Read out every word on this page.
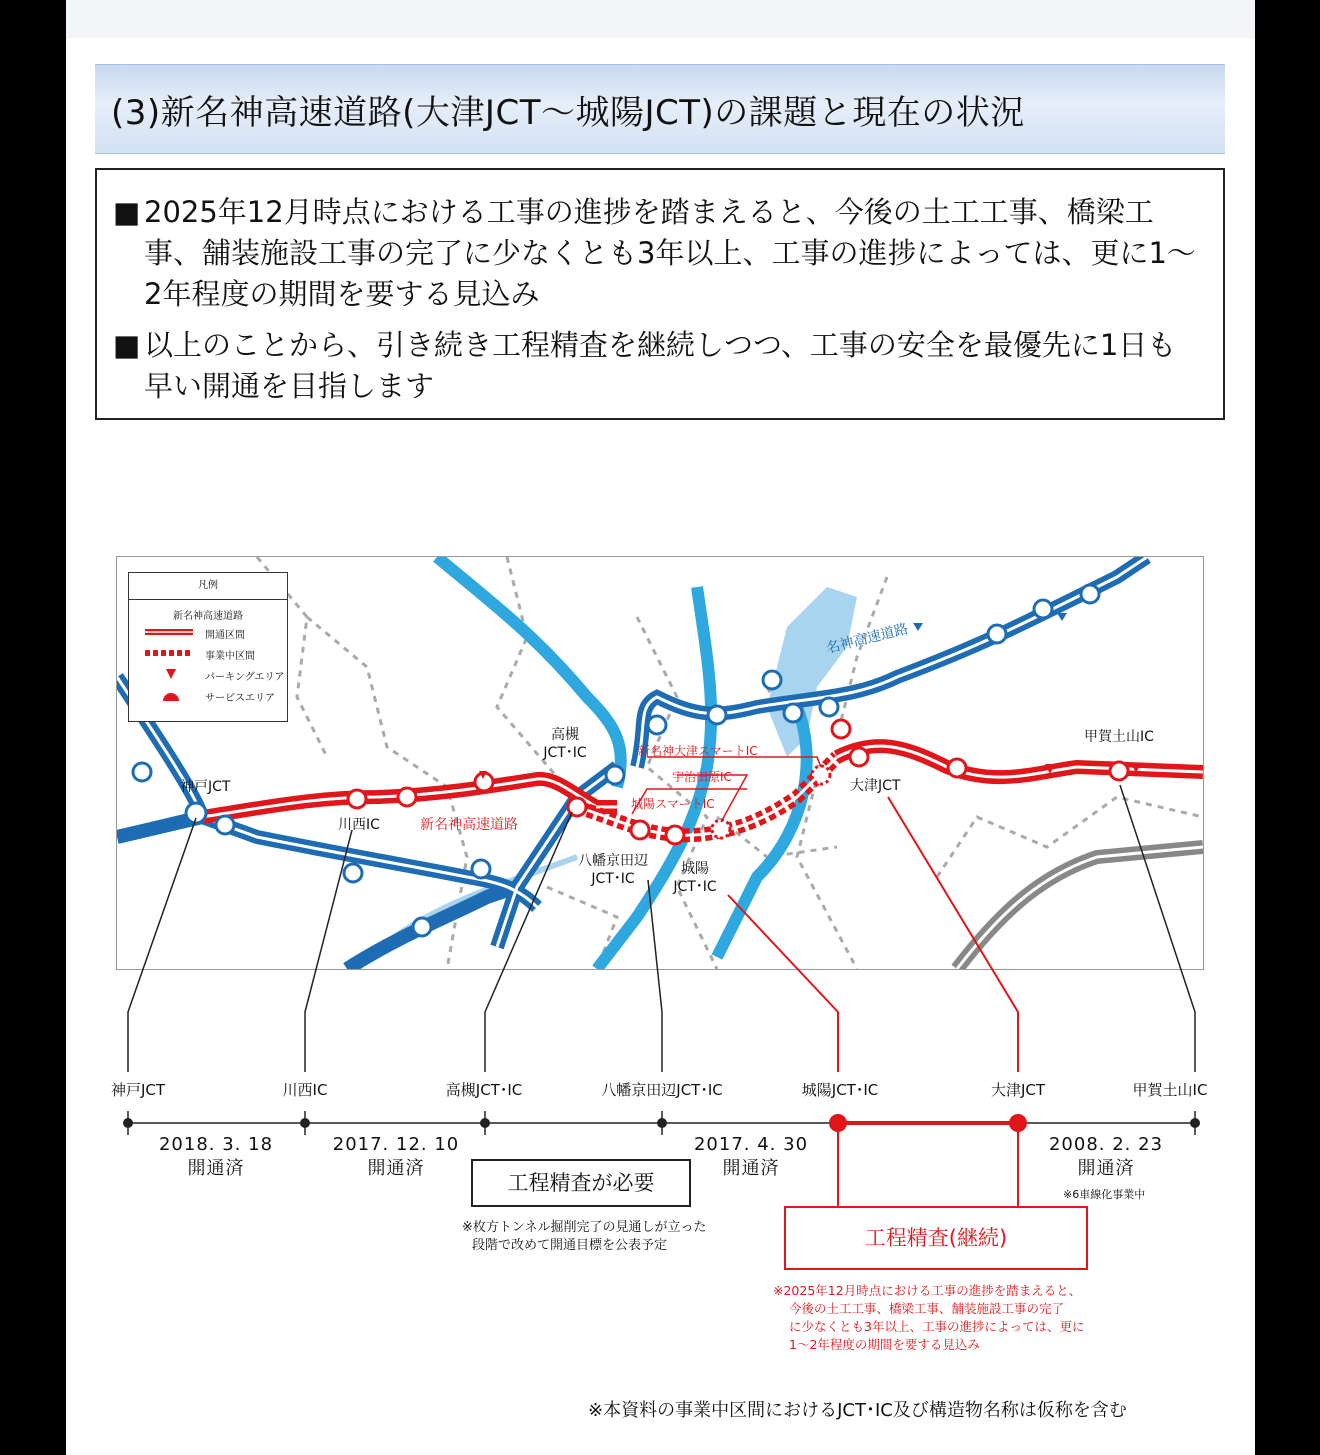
(3)新名神高速道路(大津JCT～城陽JCT)の課題と現在の状況
■ 2025年12月時点における工事の進捗を踏まえると、今後の土工工事、橋梁工事、舗装施設工事の完了に少なくとも3年以上、工事の進捗によっては、更に1～2年程度の期間を要する見込み
■ 以上のことから、引き続き工程精査を継続しつつ、工事の安全を最優先に1日も早い開通を目指します
凡例
新名神高速道路
開通区間
事業中区間
パーキングエリア
サービスエリア
神戸JCT
川西IC
高槻
JCT･IC
八幡京田辺
JCT･IC
城陽
JCT･IC
新名神大津スマートIC
宇治田原IC
城陽スマートIC
大津JCT
甲賀土山IC
新名神高速道路
名神高速道路
神戸JCT	川西IC	高槻JCT･IC	八幡京田辺JCT･IC	城陽JCT･IC	大津JCT	甲賀土山IC
2018. 3. 18
開通済
2017. 12. 10
開通済
2017. 4. 30
開通済
2008. 2. 23
開通済
※6車線化事業中
工程精査が必要
※枚方トンネル掘削完了の見通しが立った
段階で改めて開通目標を公表予定	工程精査(継続)
※2025年12月時点における工事の進捗を踏まえると、
今後の土工工事、橋梁工事、舗装施設工事の完了
に少なくとも3年以上、工事の進捗によっては、更に
1～2年程度の期間を要する見込み
※本資料の事業中区間におけるJCT･IC及び構造物名称は仮称を含む
